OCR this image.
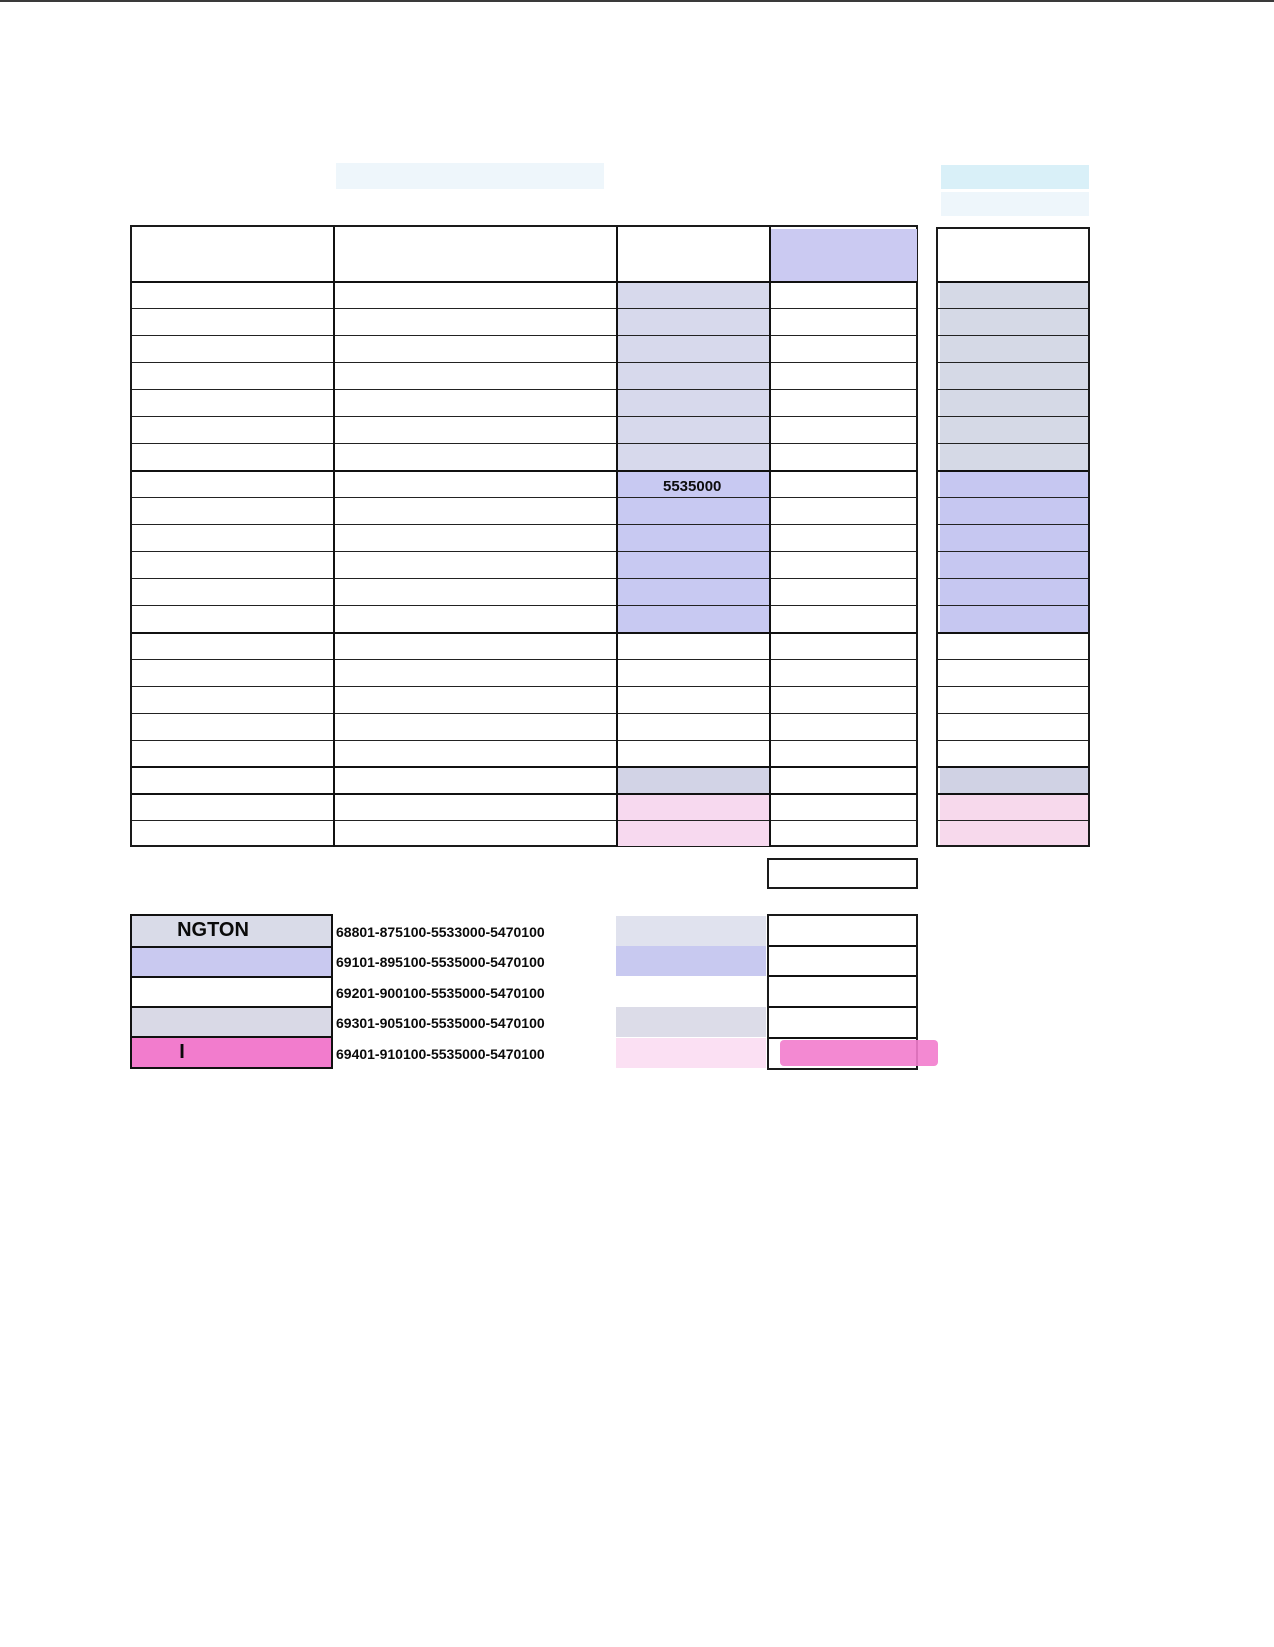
5535000
NGTON
I
68801-875100-5533000-5470100
69101-895100-5535000-5470100
69201-900100-5535000-5470100
69301-905100-5535000-5470100
69401-910100-5535000-5470100
